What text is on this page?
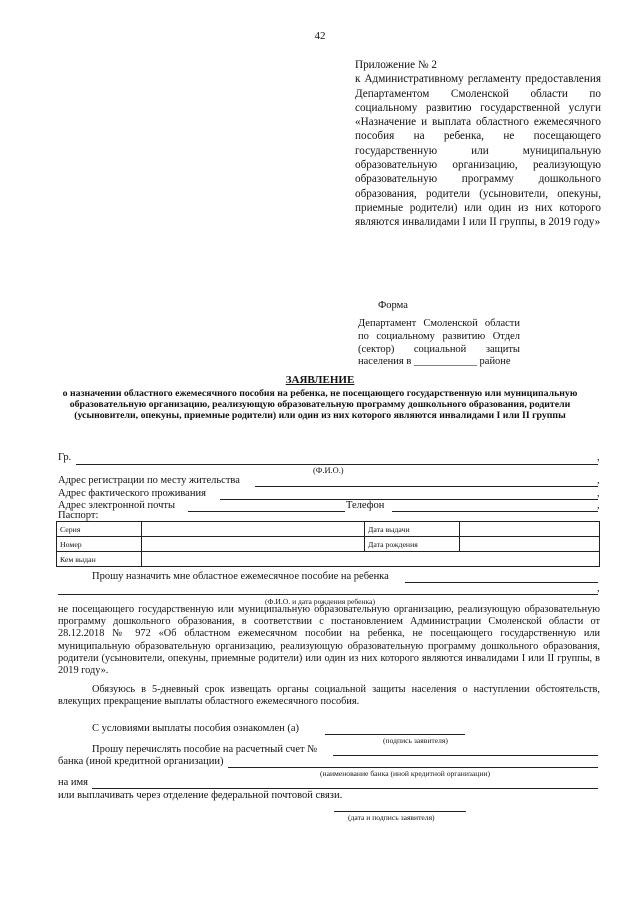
42
Приложение № 2
к Административному регламенту предоставления Департаментом Смоленской области по социальному развитию государственной услуги «Назначение и выплата областного ежемесячного пособия на ребенка, не посещающего государственную или муниципальную образовательную организацию, реализующую образовательную программу дошкольного образования, родители (усыновители, опекуны, приемные родители) или один из них которого являются инвалидами I или II группы, в 2019 году»
Форма
Департамент Смоленской области по социальному развитию Отдел (сектор) социальной защиты населения в ____________ районе
ЗАЯВЛЕНИЕ
о назначении областного ежемесячного пособия на ребенка, не посещающего государственную или муниципальную образовательную организацию, реализующую образовательную программу дошкольного образования, родители (усыновители, опекуны, приемные родители) или один из них которого являются инвалидами I или II группы
Гр.	,
(Ф.И.О.)
Адрес регистрации по месту жительства	,
Адрес фактического проживания	,
Адрес электронной почты	Телефон	,
Паспорт:
Серия		Дата выдачи	
Номер		Дата рождения	
Кем выдан			
Прошу назначить мне областное ежемесячное пособие на ребенка
,
(Ф.И.О. и дата рождения ребенка)
не посещающего государственную или муниципальную образовательную организацию, реализующую образовательную программу дошкольного образования, в соответствии с постановлением Администрации Смоленской области от 28.12.2018 № 972 «Об областном ежемесячном пособии на ребенка, не посещающего государственную или муниципальную образовательную организацию, реализующую образовательную программу дошкольного образования, родители (усыновители, опекуны, приемные родители) или один из них которого являются инвалидами I или II группы, в 2019 году».
Обязуюсь в 5-дневный срок извещать органы социальной защиты населения о наступлении обстоятельств, влекущих прекращение выплаты областного ежемесячного пособия.
С условиями выплаты пособия ознакомлен (а)
(подпись заявителя)
Прошу перечислять пособие на расчетный счет №
банка (иной кредитной организации)
(наименование банка (иной кредитной организации)
на имя
или выплачивать через отделение федеральной почтовой связи.
(дата и подпись заявителя)
